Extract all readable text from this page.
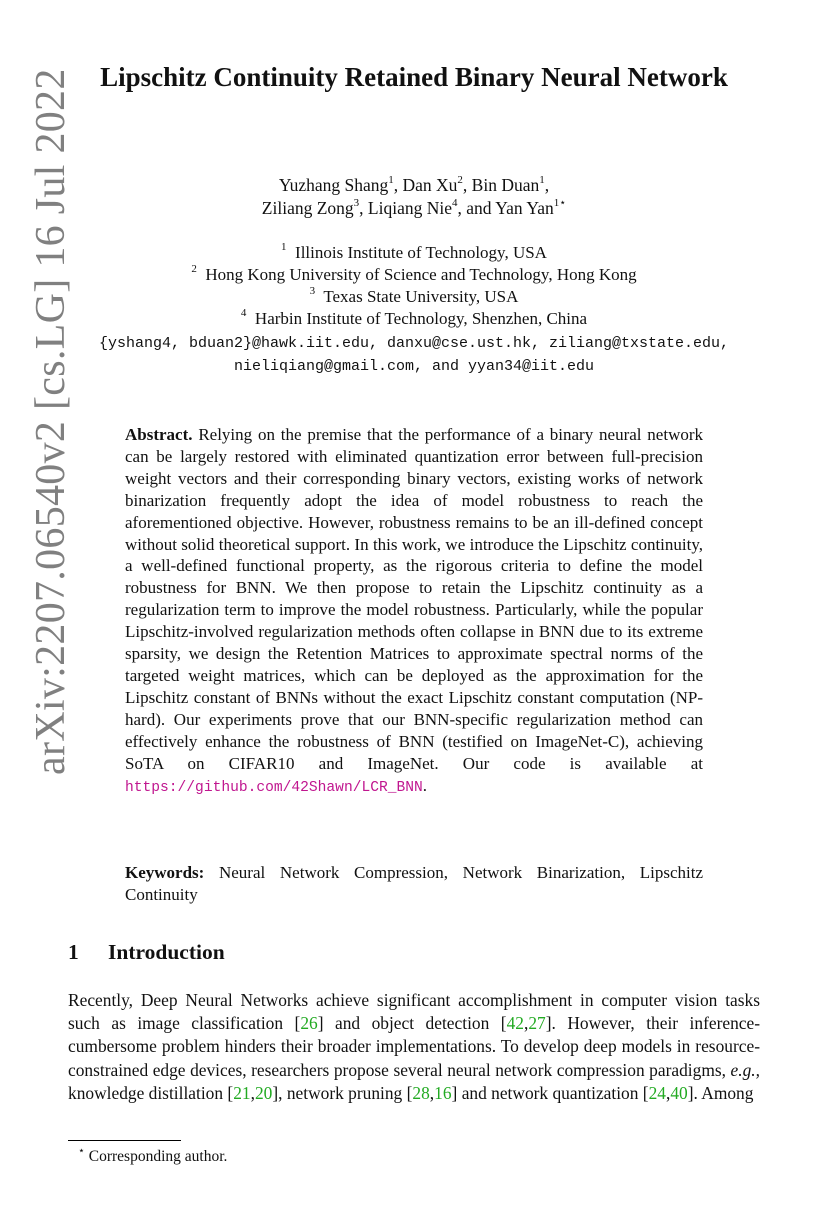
arXiv:2207.06540v2 [cs.LG] 16 Jul 2022 Lipschitz Continuity Retained Binary Neural Network
Yuzhang Shang$^1$, Dan Xu$^2$, Bin Duan$^1$,
Ziliang Zong$^3$, Liqiang Nie$^4$, and Yan Yan$^{1⋆}$
$^1$ Illinois Institute of Technology, USA
$^2$ Hong Kong University of Science and Technology, Hong Kong
$^3$ Texas State University, USA
$^4$ Harbin Institute of Technology, Shenzhen, China
{yshang4, bduan2}@hawk.iit.edu, danxu@cse.ust.hk, ziliang@txstate.edu,
nieliqiang@gmail.com, and yyan34@iit.edu

Abstract. Relying on the premise that the performance of a binary neural network can be largely restored with eliminated quantization error between full-precision weight vectors and their corresponding binary vectors, existing works of network binarization frequently adopt the idea of model robustness to reach the aforementioned objective. However, robustness remains to be an ill-defined concept without solid theoretical support. In this work, we introduce the Lipschitz continuity, a well-defined functional property, as the rigorous criteria to define the model robustness for BNN. We then propose to retain the Lipschitz continuity as a regularization term to improve the model robustness. Particularly, while the popular Lipschitz-involved regularization methods often collapse in BNN due to its extreme sparsity, we design the Retention Matrices to approximate spectral norms of the targeted weight matrices, which can be deployed as the approximation for the Lipschitz constant of BNNs without the exact Lipschitz constant computation (NP-hard). Our experiments prove that our BNN-specific regularization method can effectively enhance the robustness of BNN (testified on ImageNet-C), achieving SoTA on CIFAR10 and ImageNet. Our code is available at https://github.com/42Shawn/LCR_BNN.

Keywords: Neural Network Compression, Network Binarization, Lipschitz Continuity

1 Introduction

Recently, Deep Neural Networks achieve significant accomplishment in computer vision tasks such as image classification [26] and object detection [42,27]. However, their inference-cumbersome problem hinders their broader implementations. To develop deep models in resource-constrained edge devices, researchers propose several neural network compression paradigms, e.g., knowledge distillation [21,20], network pruning [28,16] and network quantization [24,40]. Among

⋆ Corresponding author.
